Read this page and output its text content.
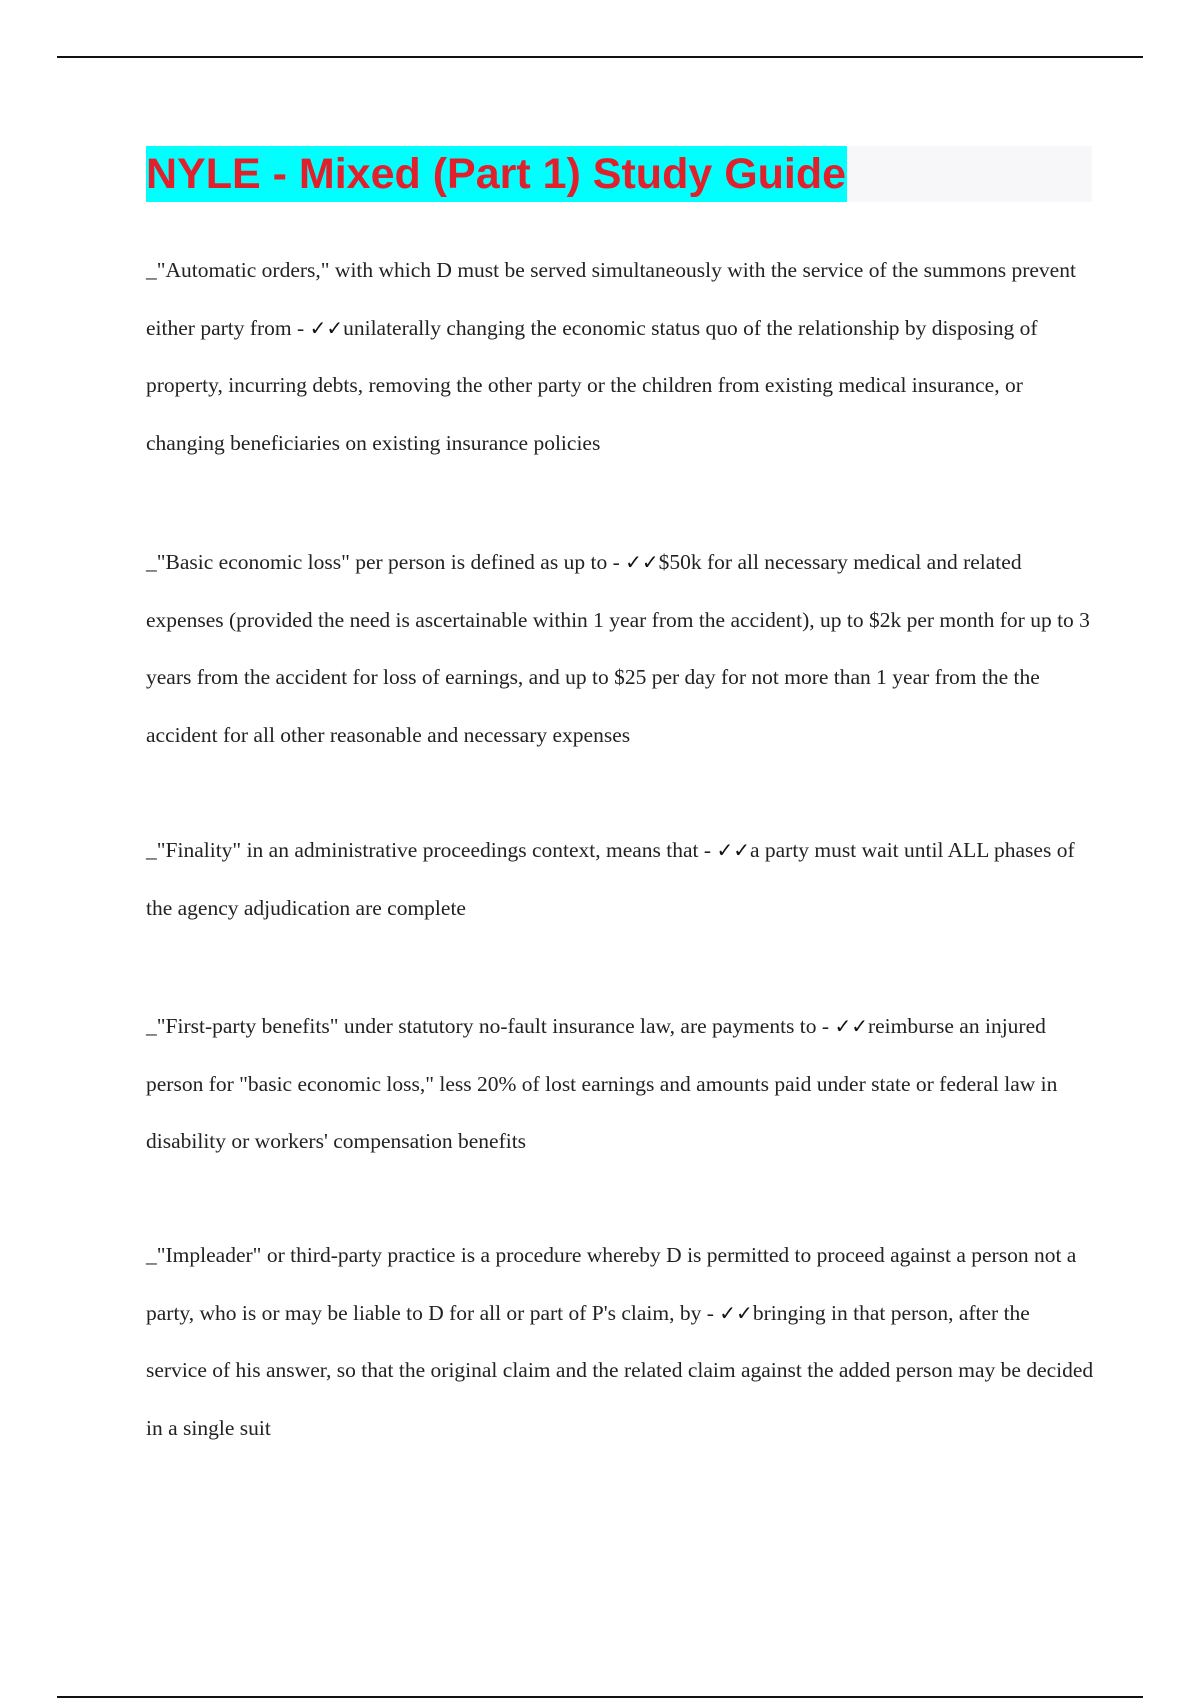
NYLE - Mixed (Part 1) Study Guide

_"Automatic orders," with which D must be served simultaneously with the service of the summons prevent either party from - ✓✓unilaterally changing the economic status quo of the relationship by disposing of property, incurring debts, removing the other party or the children from existing medical insurance, or changing beneficiaries on existing insurance policies

_"Basic economic loss" per person is defined as up to - ✓✓$50k for all necessary medical and related expenses (provided the need is ascertainable within 1 year from the accident), up to $2k per month for up to 3 years from the accident for loss of earnings, and up to $25 per day for not more than 1 year from the the accident for all other reasonable and necessary expenses

_"Finality" in an administrative proceedings context, means that - ✓✓a party must wait until ALL phases of the agency adjudication are complete

_"First-party benefits" under statutory no-fault insurance law, are payments to - ✓✓reimburse an injured person for "basic economic loss," less 20% of lost earnings and amounts paid under state or federal law in disability or workers' compensation benefits

_"Impleader" or third-party practice is a procedure whereby D is permitted to proceed against a person not a party, who is or may be liable to D for all or part of P's claim, by - ✓✓bringing in that person, after the service of his answer, so that the original claim and the related claim against the added person may be decided in a single suit
